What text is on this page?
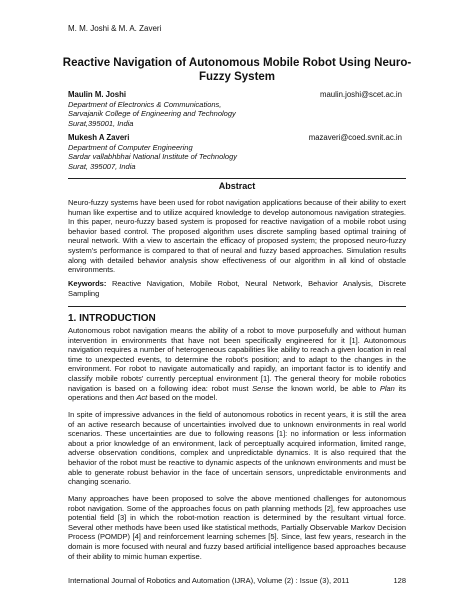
M. M. Joshi & M. A. Zaveri
Reactive Navigation of Autonomous Mobile Robot Using Neuro-
Fuzzy System
Maulin M. Joshi	maulin.joshi@scet.ac.in
Department of Electronics & Communications,
Sarvajanik College of Engineering and Technology
Surat,395001, India
Mukesh A Zaveri	mazaveri@coed.svnit.ac.in
Department of Computer Engineering
Sardar vallabhbhai National Institute of Technology
Surat, 395007, India
Abstract

Neuro-fuzzy systems have been used for robot navigation applications because of their ability to exert human like expertise and to utilize acquired knowledge to develop autonomous navigation strategies. In this paper, neuro-fuzzy based system is proposed for reactive navigation of a mobile robot using behavior based control. The proposed algorithm uses discrete sampling based optimal training of neural network. With a view to ascertain the efficacy of proposed system; the proposed neuro-fuzzy system’s performance is compared to that of neural and fuzzy based approaches. Simulation results along with detailed behavior analysis show effectiveness of our algorithm in all kind of obstacle environments.

Keywords: Reactive Navigation, Mobile Robot, Neural Network, Behavior Analysis, Discrete Sampling

1. INTRODUCTION

Autonomous robot navigation means the ability of a robot to move purposefully and without human intervention in environments that have not been specifically engineered for it [1]. Autonomous navigation requires a number of heterogeneous capabilities like ability to reach a given location in real time to unexpected events, to determine the robot's position; and to adapt to the changes in the environment. For robot to navigate automatically and rapidly, an important factor is to identify and classify mobile robots' currently perceptual environment [1]. The general theory for mobile robotics navigation is based on a following idea: robot must Sense the known world, be able to Plan its operations and then Act based on the model.

In spite of impressive advances in the field of autonomous robotics in recent years, it is still the area of an active research because of uncertainties involved due to unknown environments in real world scenarios. These uncertainties are due to following reasons [1]: no information or less information about a prior knowledge of an environment, lack of perceptually acquired information, limited range, adverse observation conditions, complex and unpredictable dynamics. It is also required that the behavior of the robot must be reactive to dynamic aspects of the unknown environments and must be able to generate robust behavior in the face of uncertain sensors, unpredictable environments and changing scenario.

Many approaches have been proposed to solve the above mentioned challenges for autonomous robot navigation. Some of the approaches focus on path planning methods [2], few approaches use potential field [3] in which the robot-motion reaction is determined by the resultant virtual force. Several other methods have been used like statistical methods, Partially Observable Markov Decision Process (POMDP) [4] and reinforcement learning schemes [5]. Since, last few years, research in the domain is more focused with neural and fuzzy based artificial intelligence based approaches because of their ability to mimic human expertise.

International Journal of Robotics and Automation (IJRA), Volume (2) : Issue (3), 2011	128
